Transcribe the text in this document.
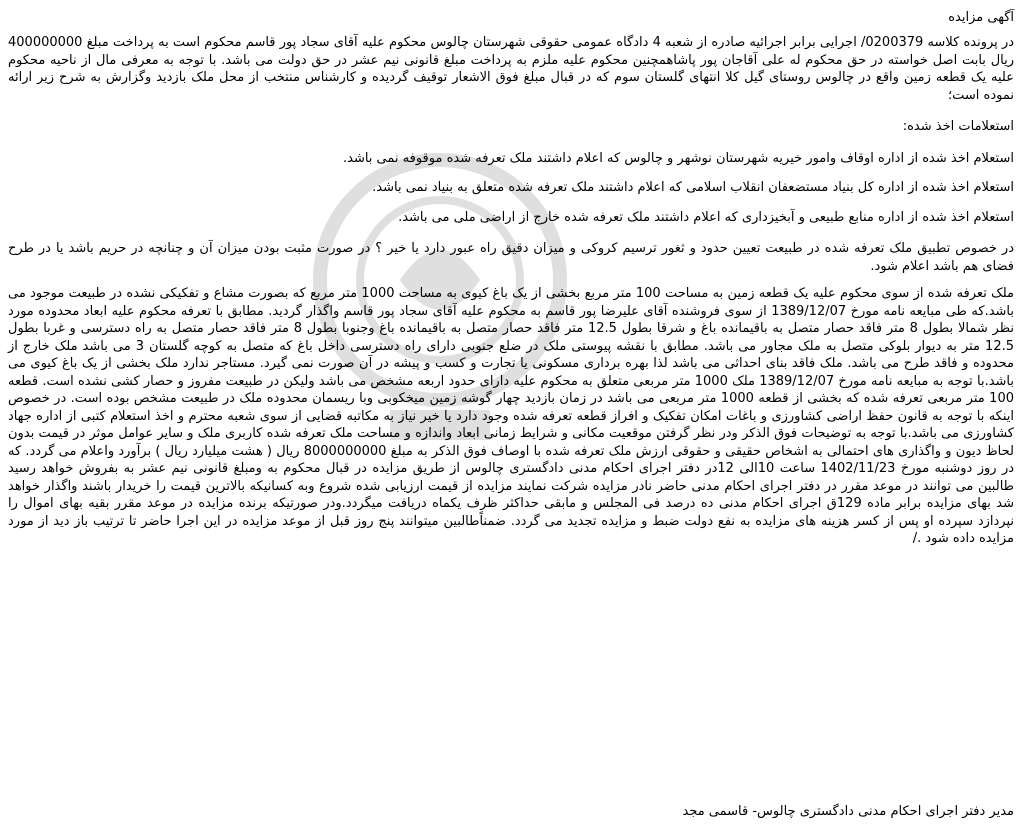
آگهی مزایده

در پرونده کلاسه 0200379/ اجرایی برابر اجرائیه صادره از شعبه 4 دادگاه عمومی حقوقی شهرستان چالوس محکوم علیه آقای سجاد پور قاسم محکوم است به پرداخت مبلغ 400000000 ریال بابت اصل خواسته در حق محکوم له علی آقاجان پور پاشاهمچنین محکوم علیه ملزم به پرداخت مبلغ قانونی نیم عشر در حق دولت می باشد. با توجه به معرفی مال از ناحیه محکوم علیه یک قطعه زمین واقع در چالوس روستای گیل کلا انتهای گلستان سوم که در قبال مبلغ فوق الاشعار توقیف گردیده و کارشناس منتخب از محل ملک بازدید وگزارش به شرح زیر ارائه نموده است؛

استعلامات اخذ شده:

استعلام اخذ شده از اداره اوقاف وامور خیریه شهرستان نوشهر و چالوس که اعلام داشتند ملک تعرفه شده موقوفه نمی باشد.

استعلام اخذ شده از اداره کل بنیاد مستضعفان انقلاب اسلامی که اعلام داشتند ملک تعرفه شده متعلق به بنیاد نمی باشد.

استعلام اخذ شده از اداره منابع طبیعی و آبخیزداری که اعلام داشتند ملک تعرفه شده خارج از اراضی ملی می باشد.

در خصوص تطبیق ملک تعرفه شده در طبیعت تعیین حدود و ثغور ترسیم کروکی و میزان دقیق راه عبور دارد یا خیر ؟ در صورت مثبت بودن میزان آن و چنانچه در حریم باشد یا در طرح فضای هم باشد اعلام شود.

ملک تعرفه شده از سوی محکوم علیه یک قطعه زمین به مساحت 100 متر مربع بخشی از یک باغ کیوی به مساحت 1000 متر مربع که بصورت مشاع و تفکیکی نشده در طبیعت موجود می باشد.که طی مبایعه نامه مورخ 1389/12/07 از سوی فروشنده آقای علیرضا پور قاسم به محکوم علیه آقای سجاد پور قاسم واگذار گردید. مطابق با تعرفه محکوم علیه ابعاد محدوده مورد نظر شمالا بطول 8 متر فاقد حصار متصل به باقیمانده باغ و شرقا بطول 12.5 متر فاقد حصار متصل به باقیمانده باغ وجنوبا بطول 8 متر فاقد حصار متصل به راه دسترسی و غربا بطول 12.5 متر به دیوار بلوکی متصل به ملک مجاور می باشد. مطابق با نقشه پیوستی ملک در ضلع جنوبی دارای راه دسترسی داخل باغ که متصل به کوچه گلستان 3 می باشد ملک خارج از محدوده و فاقد طرح می باشد. ملک فاقد بنای احداثی می باشد لذا بهره برداری مسکونی یا تجارت و کسب و پیشه در آن صورت نمی گیرد. مستاجر ندارد ملک بخشی از یک باغ کیوی می باشد.با توجه به مبایعه نامه مورخ 1389/12/07 ملک 1000 متر مربعی متعلق به محکوم علیه دارای حدود اربعه مشخص می باشد ولیکن در طبیعت مفروز و حصار کشی نشده است. قطعه 100 متر مربعی تعرفه شده که بخشی از قطعه 1000 متر مربعی می باشد در زمان بازدید چهار گوشه زمین میخکوبی وبا ریسمان محدوده ملک در طبیعت مشخص بوده است. در خصوص اینکه با توجه به قانون حفظ اراضی کشاورزی و باغات امکان تفکیک و افراز قطعه تعرفه شده وجود دارد یا خیر نیاز به مکاتبه قضایی از سوی شعبه محترم و اخذ استعلام کتبی از اداره جهاد کشاورزی می باشد.با توجه به توضیحات فوق الذکر ودر نظر گرفتن موقعیت مکانی و شرایط زمانی ابعاد واندازه و مساحت ملک تعرفه شده کاربری ملک و سایر عوامل موثر در قیمت بدون لحاظ دیون و واگذاری های احتمالی به اشخاص حقیقی و حقوقی ارزش ملک تعرفه شده با اوصاف فوق الذکر به مبلغ 8000000000 ریال ( هشت میلیارد ریال ) برآورد واعلام می گردد. که در روز دوشنبه مورخ 1402/11/23 ساعت 10الی 12در دفتر اجرای احکام مدنی دادگستری چالوس از طریق مزایده در قبال محکوم به ومبلغ قانونی نیم عشر به بفروش خواهد رسید طالبین می توانند در موعد مقرر در دفتر اجرای احکام مدنی حاضر نادر مزایده شرکت نمایند مزایده از قیمت ارزیابی شده شروع وبه کسانیکه بالاترین قیمت را خریدار باشند واگذار خواهد شد بهای مزایده برابر ماده 129ق اجرای احکام مدنی ده درصد فی المجلس و مابقی حداکثر ظرف یکماه دریافت میگردد.ودر صورتیکه برنده مزایده در موعد مقرر بقیه بهای اموال را نپردازد سپرده او پس از کسر هزینه های مزایده به نفع دولت ضبط و مزایده تجدید می گردد. ضمناًطالبین میتوانند پنج روز قبل از موعد مزایده در این اجرا حاضر تا ترتیب باز دید از مورد مزایده داده شود ./

مدیر دفتر اجرای احکام مدنی دادگستری چالوس- قاسمی مجد
